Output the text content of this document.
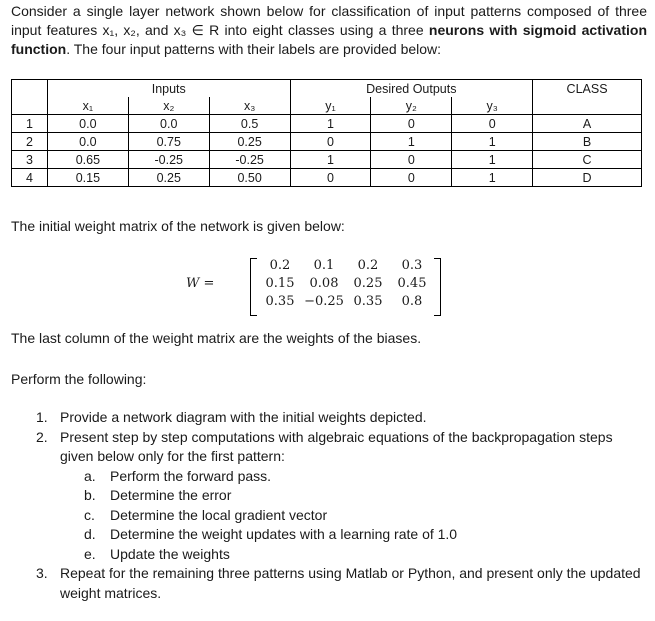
Consider a single layer network shown below for classification of input patterns composed of three input features x₁, x₂, and x₃ ∈ R into eight classes using a three neurons with sigmoid activation function. The four input patterns with their labels are provided below:
	Inputs			Desired Outputs			CLASS
	x₁	x₂	x₃	y₁	y₂	y₃	
1	0.0	0.0	0.5	1	0	0	A
2	0.0	0.75	0.25	0	1	1	B
3	0.65	-0.25	-0.25	1	0	1	C
4	0.15	0.25	0.50	0	0	1	D
The initial weight matrix of the network is given below:
W =
0.2	0.1	0.2	0.3
0.15	0.08	0.25	0.45
0.35 −0.25 0.35	0.8
The last column of the weight matrix are the weights of the biases.
Perform the following:
1. Provide a network diagram with the initial weights depicted.
2. Present step by step computations with algebraic equations of the backpropagation steps given below only for the first pattern:
a. Perform the forward pass.
b. Determine the error
c. Determine the local gradient vector
d. Determine the weight updates with a learning rate of 1.0
e. Update the weights
3. Repeat for the remaining three patterns using Matlab or Python, and present only the updated weight matrices.
